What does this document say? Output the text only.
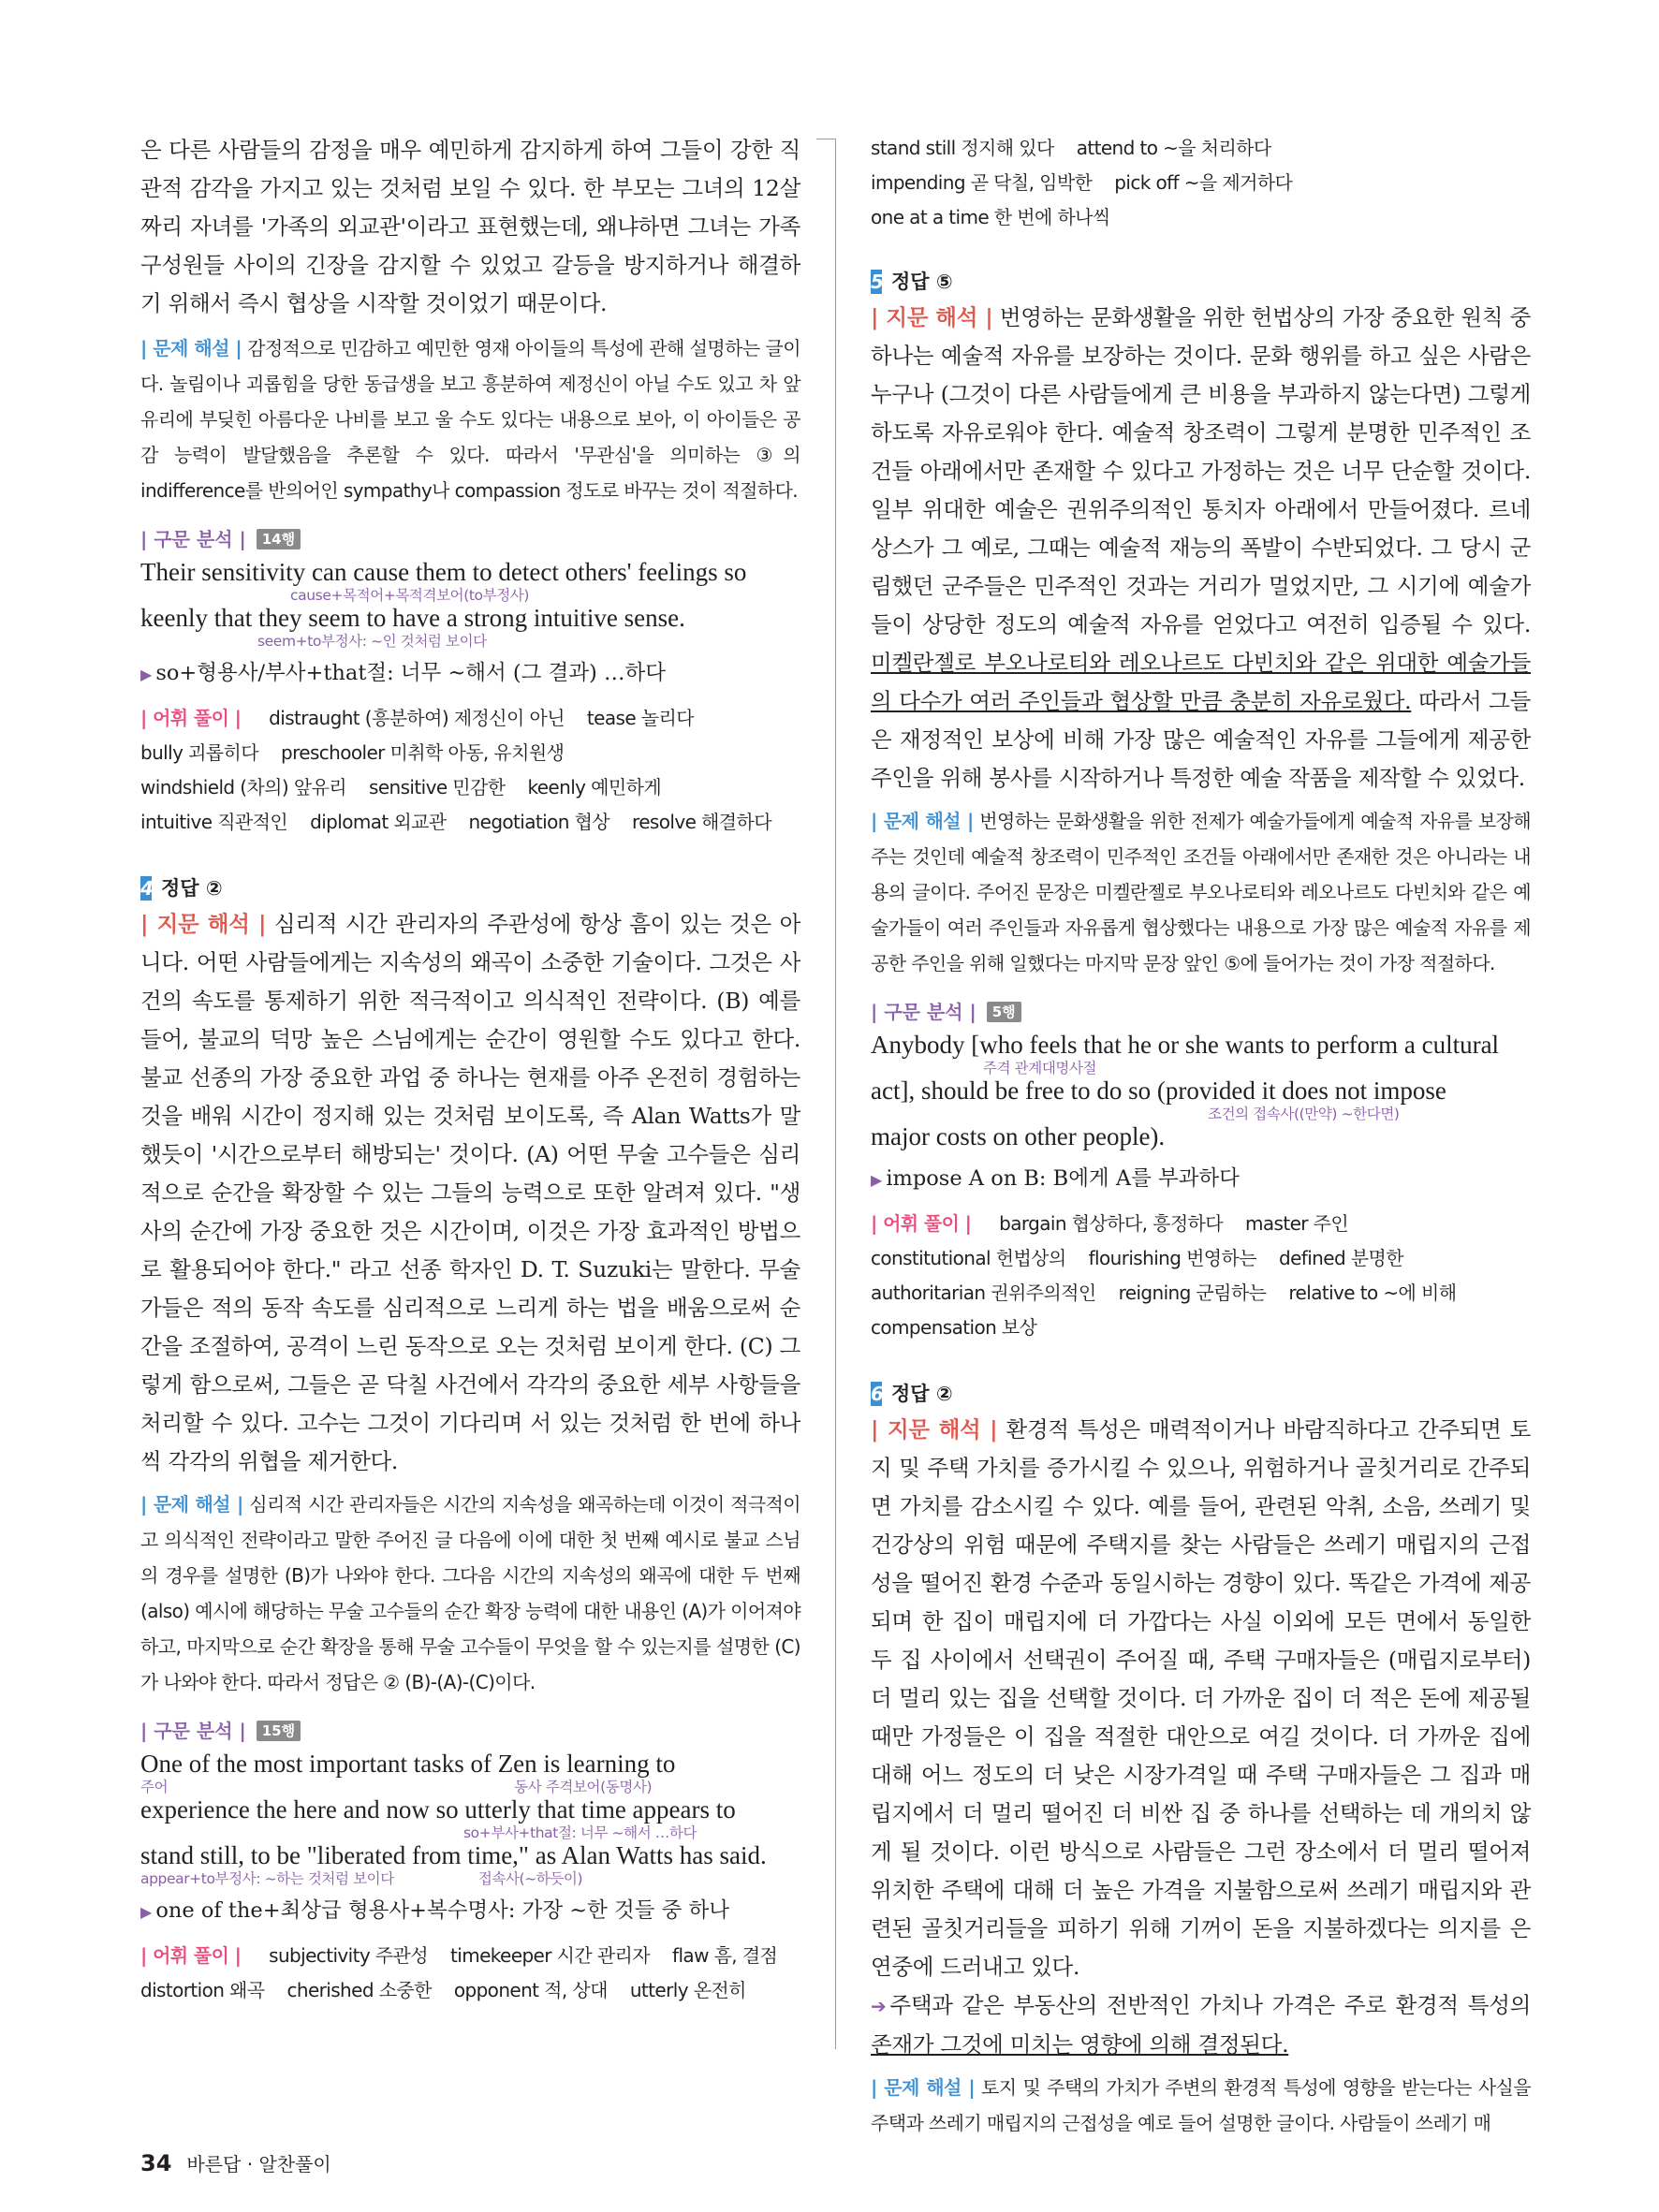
은 다른 사람들의 감정을 매우 예민하게 감지하게 하여 그들이 강한 직관적 감각을 가지고 있는 것처럼 보일 수 있다. 한 부모는 그녀의 12살짜리 자녀를 '가족의 외교관'이라고 표현했는데, 왜냐하면 그녀는 가족 구성원들 사이의 긴장을 감지할 수 있었고 갈등을 방지하거나 해결하기 위해서 즉시 협상을 시작할 것이었기 때문이다.

| 문제 해설 | 감정적으로 민감하고 예민한 영재 아이들의 특성에 관해 설명하는 글이다. 놀림이나 괴롭힘을 당한 동급생을 보고 흥분하여 제정신이 아닐 수도 있고 차 앞유리에 부딪힌 아름다운 나비를 보고 울 수도 있다는 내용으로 보아, 이 아이들은 공감 능력이 발달했음을 추론할 수 있다. 따라서 '무관심'을 의미하는 ③의 indifference를 반의어인 sympathy나 compassion 정도로 바꾸는 것이 적절하다.

| 구문 분석 | 14행
Their sensitivity can cause them to detect others' feelings so
cause+목적어+목적격보어(to부정사)
keenly that they seem to have a strong intuitive sense.
seem+to부정사: ~인 것처럼 보이다
▶ so+형용사/부사+that절: 너무 ~해서 (그 결과) …하다
| 어휘 풀이 | distraught (흥분하여) 제정신이 아닌 tease 놀리다bully 괴롭히다 preschooler 미취학 아동, 유치원생windshield (차의) 앞유리 sensitive 민감한 keenly 예민하게intuitive 직관적인 diplomat 외교관 negotiation 협상 resolve 해결하다
4 정답 ②

| 지문 해석 | 심리적 시간 관리자의 주관성에 항상 흠이 있는 것은 아니다. 어떤 사람들에게는 지속성의 왜곡이 소중한 기술이다. 그것은 사건의 속도를 통제하기 위한 적극적이고 의식적인 전략이다. (B) 예를 들어, 불교의 덕망 높은 스님에게는 순간이 영원할 수도 있다고 한다. 불교 선종의 가장 중요한 과업 중 하나는 현재를 아주 온전히 경험하는 것을 배워 시간이 정지해 있는 것처럼 보이도록, 즉 Alan Watts가 말했듯이 '시간으로부터 해방되는' 것이다. (A) 어떤 무술 고수들은 심리적으로 순간을 확장할 수 있는 그들의 능력으로 또한 알려져 있다. "생사의 순간에 가장 중요한 것은 시간이며, 이것은 가장 효과적인 방법으로 활용되어야 한다." 라고 선종 학자인 D. T. Suzuki는 말한다. 무술가들은 적의 동작 속도를 심리적으로 느리게 하는 법을 배움으로써 순간을 조절하여, 공격이 느린 동작으로 오는 것처럼 보이게 한다. (C) 그렇게 함으로써, 그들은 곧 닥칠 사건에서 각각의 중요한 세부 사항들을 처리할 수 있다. 고수는 그것이 기다리며 서 있는 것처럼 한 번에 하나씩 각각의 위협을 제거한다.

| 문제 해설 | 심리적 시간 관리자들은 시간의 지속성을 왜곡하는데 이것이 적극적이고 의식적인 전략이라고 말한 주어진 글 다음에 이에 대한 첫 번째 예시로 불교 스님의 경우를 설명한 (B)가 나와야 한다. 그다음 시간의 지속성의 왜곡에 대한 두 번째(also) 예시에 해당하는 무술 고수들의 순간 확장 능력에 대한 내용인 (A)가 이어져야 하고, 마지막으로 순간 확장을 통해 무술 고수들이 무엇을 할 수 있는지를 설명한 (C)가 나와야 한다. 따라서 정답은 ② (B)-(A)-(C)이다.

| 구문 분석 | 15행
One of the most important tasks of Zen is learning to
주어	동사 주격보어(동명사)
experience the here and now so utterly that time appears to
so+부사+that절: 너무 ~해서 …하다
stand still, to be "liberated from time," as Alan Watts has said.
appear+to부정사: ~하는 것처럼 보이다	접속사(~하듯이)
▶ one of the+최상급 형용사+복수명사: 가장 ~한 것들 중 하나
| 어휘 풀이 | subjectivity 주관성 timekeeper 시간 관리자 flaw 흠, 결점distortion 왜곡 cherished 소중한 opponent 적, 상대 utterly 온전히
stand still 정지해 있다 attend to ~을 처리하다impending 곧 닥칠, 임박한 pick off ~을 제거하다one at a time 한 번에 하나씩
5 정답 ⑤

| 지문 해석 | 번영하는 문화생활을 위한 헌법상의 가장 중요한 원칙 중 하나는 예술적 자유를 보장하는 것이다. 문화 행위를 하고 싶은 사람은 누구나 (그것이 다른 사람들에게 큰 비용을 부과하지 않는다면) 그렇게 하도록 자유로워야 한다. 예술적 창조력이 그렇게 분명한 민주적인 조건들 아래에서만 존재할 수 있다고 가정하는 것은 너무 단순할 것이다. 일부 위대한 예술은 권위주의적인 통치자 아래에서 만들어졌다. 르네상스가 그 예로, 그때는 예술적 재능의 폭발이 수반되었다. 그 당시 군림했던 군주들은 민주적인 것과는 거리가 멀었지만, 그 시기에 예술가들이 상당한 정도의 예술적 자유를 얻었다고 여전히 입증될 수 있다. 미켈란젤로 부오나로티와 레오나르도 다빈치와 같은 위대한 예술가들의 다수가 여러 주인들과 협상할 만큼 충분히 자유로웠다. 따라서 그들은 재정적인 보상에 비해 가장 많은 예술적인 자유를 그들에게 제공한 주인을 위해 봉사를 시작하거나 특정한 예술 작품을 제작할 수 있었다.

| 문제 해설 | 번영하는 문화생활을 위한 전제가 예술가들에게 예술적 자유를 보장해 주는 것인데 예술적 창조력이 민주적인 조건들 아래에서만 존재한 것은 아니라는 내용의 글이다. 주어진 문장은 미켈란젤로 부오나로티와 레오나르도 다빈치와 같은 예술가들이 여러 주인들과 자유롭게 협상했다는 내용으로 가장 많은 예술적 자유를 제공한 주인을 위해 일했다는 마지막 문장 앞인 ⑤에 들어가는 것이 가장 적절하다.

| 구문 분석 | 5행
Anybody [who feels that he or she wants to perform a cultural
주격 관계대명사절
act], should be free to do so (provided it does not impose
조건의 접속사((만약) ~한다면)
major costs on other people).
▶ impose A on B: B에게 A를 부과하다
| 어휘 풀이 | bargain 협상하다, 흥정하다 master 주인constitutional 헌법상의 flourishing 번영하는 defined 분명한authoritarian 권위주의적인 reigning 군림하는 relative to ~에 비해compensation 보상
6 정답 ②

| 지문 해석 | 환경적 특성은 매력적이거나 바람직하다고 간주되면 토지 및 주택 가치를 증가시킬 수 있으나, 위험하거나 골칫거리로 간주되면 가치를 감소시킬 수 있다. 예를 들어, 관련된 악취, 소음, 쓰레기 및 건강상의 위험 때문에 주택지를 찾는 사람들은 쓰레기 매립지의 근접성을 떨어진 환경 수준과 동일시하는 경향이 있다. 똑같은 가격에 제공되며 한 집이 매립지에 더 가깝다는 사실 이외에 모든 면에서 동일한 두 집 사이에서 선택권이 주어질 때, 주택 구매자들은 (매립지로부터) 더 멀리 있는 집을 선택할 것이다. 더 가까운 집이 더 적은 돈에 제공될 때만 가정들은 이 집을 적절한 대안으로 여길 것이다. 더 가까운 집에 대해 어느 정도의 더 낮은 시장가격일 때 주택 구매자들은 그 집과 매립지에서 더 멀리 떨어진 더 비싼 집 중 하나를 선택하는 데 개의치 않게 될 것이다. 이런 방식으로 사람들은 그런 장소에서 더 멀리 떨어져 위치한 주택에 대해 더 높은 가격을 지불함으로써 쓰레기 매립지와 관련된 골칫거리들을 피하기 위해 기꺼이 돈을 지불하겠다는 의지를 은연중에 드러내고 있다.

➔ 주택과 같은 부동산의 전반적인 가치나 가격은 주로 환경적 특성의 존재가 그것에 미치는 영향에 의해 결정된다.

| 문제 해설 | 토지 및 주택의 가치가 주변의 환경적 특성에 영향을 받는다는 사실을 주택과 쓰레기 매립지의 근접성을 예로 들어 설명한 글이다. 사람들이 쓰레기 매

34 바른답 · 알찬풀이
